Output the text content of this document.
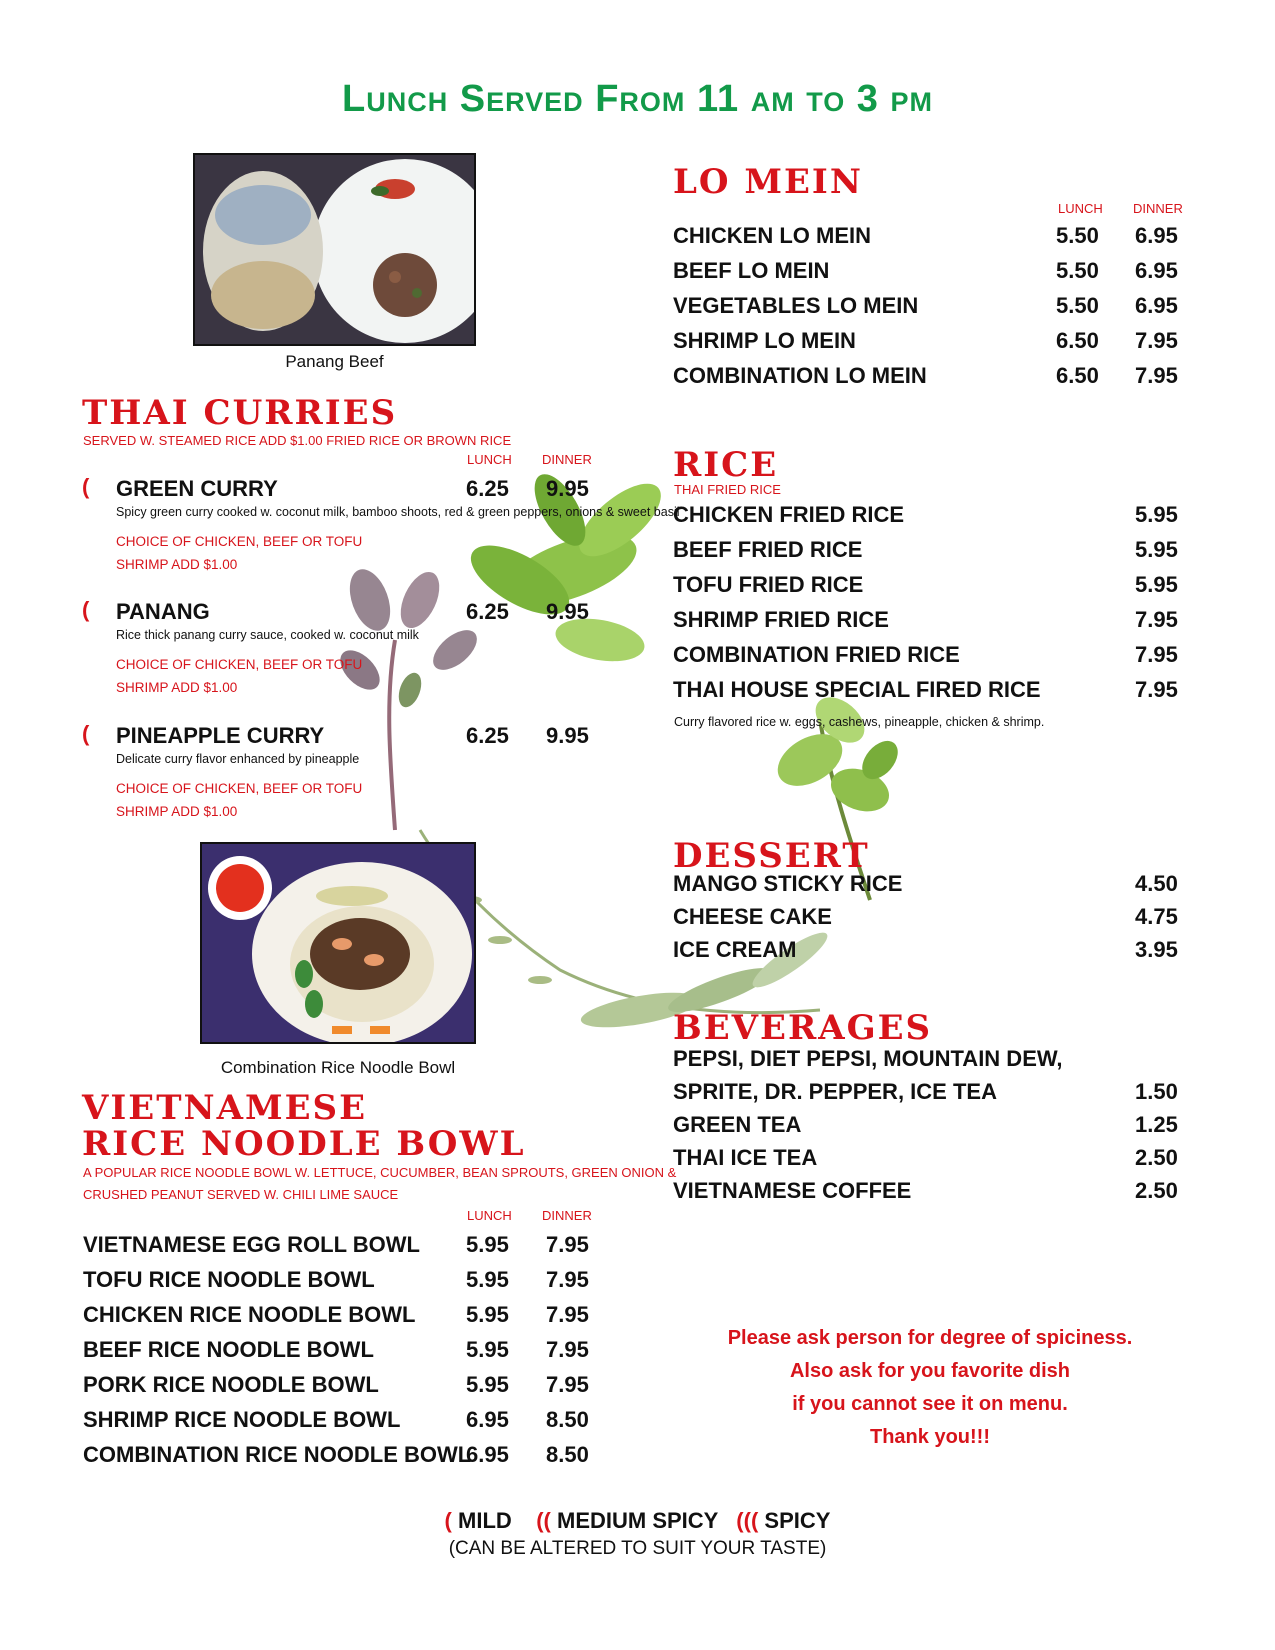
Lunch Served From 11 am to 3 pm
Panang Beef
THAI CURRIES
SERVED W. STEAMED RICE ADD $1.00 FRIED RICE OR BROWN RICE
LUNCH DINNER
( GREEN CURRY	6.25 9.95
Spicy green curry cooked w. coconut milk, bamboo shoots, red & green peppers, onions & sweet basil
CHOICE OF CHICKEN, BEEF OR TOFU
SHRIMP ADD $1.00
( PANANG	6.25 9.95
Rice thick panang curry sauce, cooked w. coconut milk
CHOICE OF CHICKEN, BEEF OR TOFU
SHRIMP ADD $1.00
( PINEAPPLE CURRY	6.25 9.95
Delicate curry flavor enhanced by pineapple
CHOICE OF CHICKEN, BEEF OR TOFU
SHRIMP ADD $1.00
Combination Rice Noodle Bowl
VIETNAMESE
RICE NOODLE BOWL
A POPULAR RICE NOODLE BOWL W. LETTUCE, CUCUMBER, BEAN SPROUTS, GREEN ONION &
CRUSHED PEANUT SERVED W. CHILI LIME SAUCE
LUNCH DINNER
VIETNAMESE EGG ROLL BOWL 5.95 7.95
TOFU RICE NOODLE BOWL	5.95 7.95
CHICKEN RICE NOODLE BOWL 5.95 7.95
BEEF RICE NOODLE BOWL	5.95 7.95
PORK RICE NOODLE BOWL	5.95 7.95
SHRIMP RICE NOODLE BOWL	6.95 8.50
COMBINATION RICE NOODLE BOWL
6.95 8.50
LO MEIN
LUNCH DINNER
CHICKEN LO MEIN	5.50 6.95
BEEF LO MEIN	5.50 6.95
VEGETABLES LO MEIN	5.50 6.95
SHRIMP LO MEIN	6.50 7.95
COMBINATION LO MEIN	6.50 7.95
RICE
THAI FRIED RICE
CHICKEN FRIED RICE	5.95
BEEF FRIED RICE	5.95
TOFU FRIED RICE	5.95
SHRIMP FRIED RICE	7.95
COMBINATION FRIED RICE	7.95
THAI HOUSE SPECIAL FIRED RICE	7.95
Curry flavored rice w. eggs, cashews, pineapple, chicken & shrimp.
DESSERT
MANGO STICKY RICE	4.50
CHEESE CAKE	4.75
ICE CREAM	3.95
BEVERAGES
PEPSI, DIET PEPSI, MOUNTAIN DEW,
SPRITE, DR. PEPPER, ICE TEA	1.50
GREEN TEA	1.25
THAI ICE TEA	2.50
VIETNAMESE COFFEE	2.50
Please ask person for degree of spiciness.
Also ask for you favorite dish
if you cannot see it on menu.
Thank you!!!
( MILD (( MEDIUM SPICY ((( SPICY
(CAN BE ALTERED TO SUIT YOUR TASTE)
